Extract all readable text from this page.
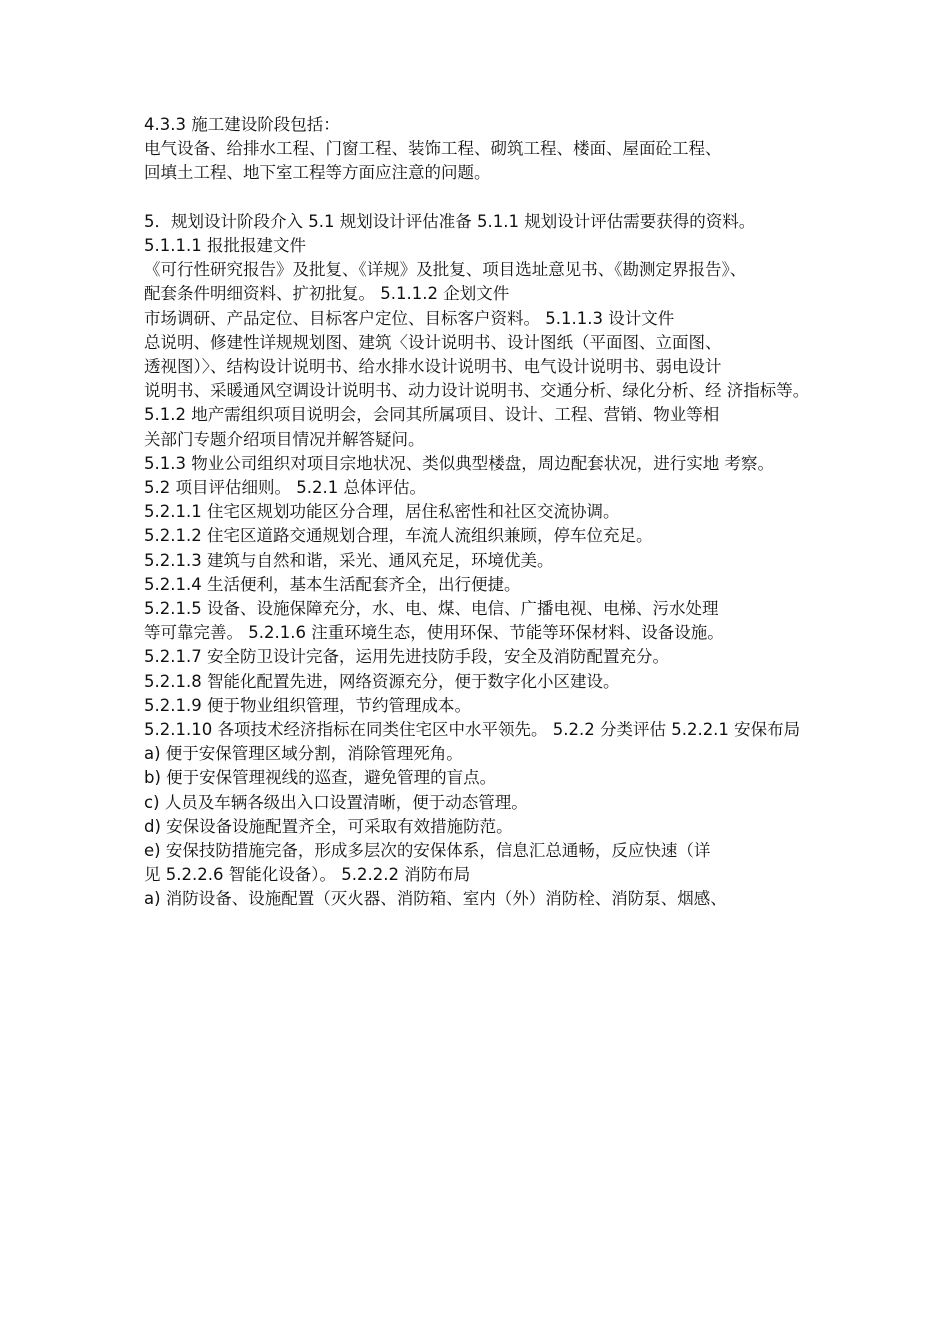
4.3.3 施工建设阶段包括：
电气设备、给排水工程、门窗工程、装饰工程、砌筑工程、楼面、屋面砼工程、
回填土工程、地下室工程等方面应注意的问题。
5．规划设计阶段介入 5.1 规划设计评估准备 5.1.1 规划设计评估需要获得的资料。 5.1.1.1 报批报建文件 《可行性研究报告》及批复、《详规》及批复、项目选址意见书、《勘测定界报告》、 配套条件明细资料、扩初批复。 5.1.1.2 企划文件 市场调研、产品定位、目标客户定位、目标客户资料。 5.1.1.3 设计文件 总说明、修建性详规规划图、建筑〈设计说明书、设计图纸（平面图、立面图、 透视图）〉、结构设计说明书、给水排水设计说明书、电气设计说明书、弱电设计 说明书、采暖通风空调设计说明书、动力设计说明书、交通分析、绿化分析、经 济指标等。 5.1.2 地产需组织项目说明会，会同其所属项目、设计、工程、营销、物业等相 关部门专题介绍项目情况并解答疑问。 5.1.3 物业公司组织对项目宗地状况、类似典型楼盘，周边配套状况，进行实地 考察。 5.2 项目评估细则。 5.2.1 总体评估。 5.2.1.1 住宅区规划功能区分合理，居住私密性和社区交流协调。 5.2.1.2 住宅区道路交通规划合理，车流人流组织兼顾，停车位充足。 5.2.1.3 建筑与自然和谐，采光、通风充足，环境优美。 5.2.1.4 生活便利，基本生活配套齐全，出行便捷。 5.2.1.5 设备、设施保障充分，水、电、煤、电信、广播电视、电梯、污水处理 等可靠完善。 5.2.1.6 注重环境生态，使用环保、节能等环保材料、设备设施。 5.2.1.7 安全防卫设计完备，运用先进技防手段，安全及消防配置充分。 5.2.1.8 智能化配置先进，网络资源充分，便于数字化小区建设。 5.2.1.9 便于物业组织管理，节约管理成本。 5.2.1.10 各项技术经济指标在同类住宅区中水平领先。 5.2.2 分类评估 5.2.2.1 安保布局 a) 便于安保管理区域分割，消除管理死角。 b) 便于安保管理视线的巡查，避免管理的盲点。 c) 人员及车辆各级出入口设置清晰，便于动态管理。 d) 安保设备设施配置齐全，可采取有效措施防范。 e) 安保技防措施完备，形成多层次的安保体系，信息汇总通畅，反应快速（详 见 5.2.2.6 智能化设备）。 5.2.2.2 消防布局 a) 消防设备、设施配置（灭火器、消防箱、室内（外）消防栓、消防泵、烟感、
